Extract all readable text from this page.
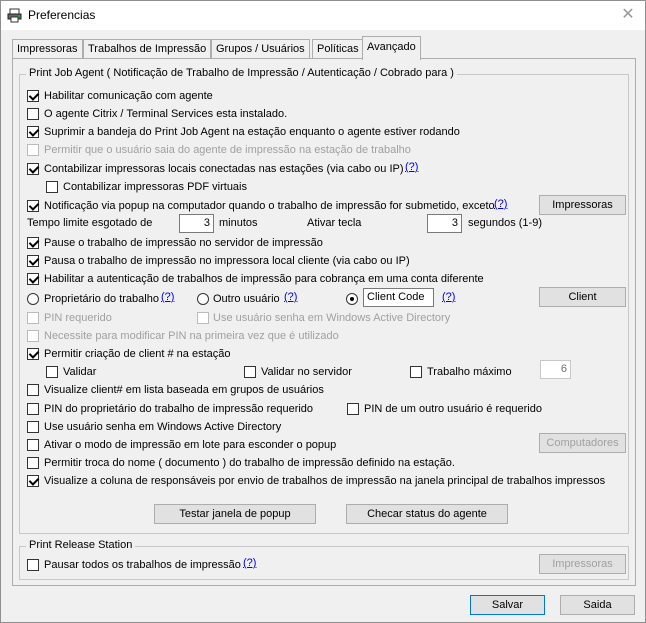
Preferencias	✕
Impressoras Trabalhos de Impressão Grupos / Usuários	Políticas Avançado
Print Job Agent ( Notificação de Trabalho de Impressão / Autenticação / Cobrado para )
Habilitar comunicação com agente
O agente Citrix / Terminal Services esta instalado.
Suprimir a bandeja do Print Job Agent na estação enquanto o agente estiver rodando
Permitir que o usuário saia do agente de impressão na estação de trabalho
Contabilizar impressoras locais conectadas nas estações (via cabo ou IP) (?)
Contabilizar impressoras PDF virtuais
Notificação via popup na computador quando o trabalho de impressão for submetido, exceto (?)	Impressoras
Tempo limite esgotado de	3 minutos	Ativar tecla	3 segundos (1-9)
Pause o trabalho de impressão no servidor de impressão
Pausa o trabalho de impressão no impressora local cliente (via cabo ou IP)
Habilitar a autenticação de trabalhos de impressão para cobrança em uma conta diferente
Proprietário do trabalho (?)	Outro usuário (?)	Client Code	(?)	Client
PIN requerido	Use usuário senha em Windows Active Directory
Necessite para modificar PIN na primeira vez que é utilizado
Permitir criação de client # na estação
Validar	Validar no servidor	Trabalho máximo	6
Visualize client# em lista baseada em grupos de usuários
PIN do proprietário do trabalho de impressão requerido	PIN de um outro usuário é requerido
Use usuário senha em Windows Active Directory
Ativar o modo de impressão em lote para esconder o popup	Computadores
Permitir troca do nome ( documento ) do trabalho de impressão definido na estação.
Visualize a coluna de responsáveis por envio de trabalhos de impressão na janela principal de trabalhos impressos
Testar janela de popup	Checar status do agente
Print Release Station
Pausar todos os trabalhos de impressão (?)	Impressoras
Salvar	Saida
